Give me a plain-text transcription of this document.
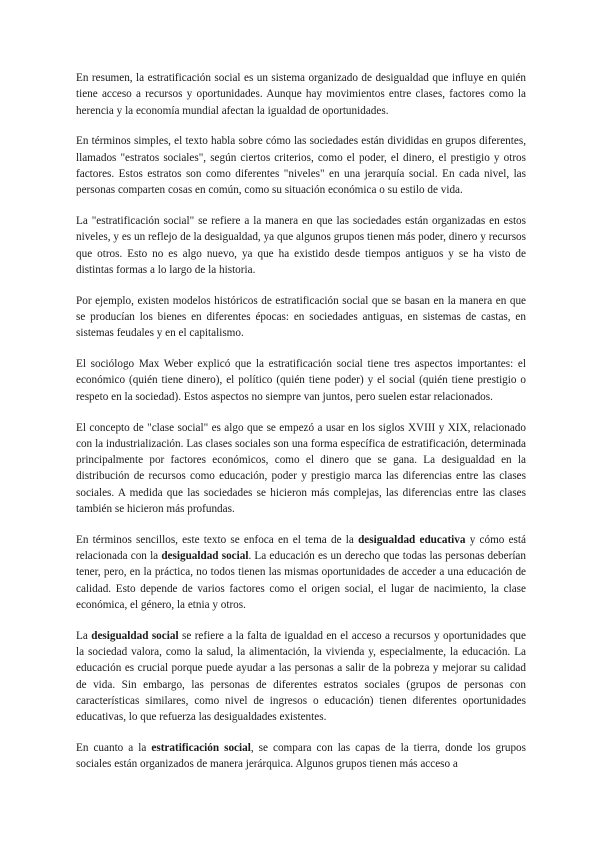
En resumen, la estratificación social es un sistema organizado de desigualdad que influye en quién tiene acceso a recursos y oportunidades. Aunque hay movimientos entre clases, factores como la herencia y la economía mundial afectan la igualdad de oportunidades.

En términos simples, el texto habla sobre cómo las sociedades están divididas en grupos diferentes, llamados "estratos sociales", según ciertos criterios, como el poder, el dinero, el prestigio y otros factores. Estos estratos son como diferentes "niveles" en una jerarquía social. En cada nivel, las personas comparten cosas en común, como su situación económica o su estilo de vida.

La "estratificación social" se refiere a la manera en que las sociedades están organizadas en estos niveles, y es un reflejo de la desigualdad, ya que algunos grupos tienen más poder, dinero y recursos que otros. Esto no es algo nuevo, ya que ha existido desde tiempos antiguos y se ha visto de distintas formas a lo largo de la historia.

Por ejemplo, existen modelos históricos de estratificación social que se basan en la manera en que se producían los bienes en diferentes épocas: en sociedades antiguas, en sistemas de castas, en sistemas feudales y en el capitalismo.

El sociólogo Max Weber explicó que la estratificación social tiene tres aspectos importantes: el económico (quién tiene dinero), el político (quién tiene poder) y el social (quién tiene prestigio o respeto en la sociedad). Estos aspectos no siempre van juntos, pero suelen estar relacionados.

El concepto de "clase social" es algo que se empezó a usar en los siglos XVIII y XIX, relacionado con la industrialización. Las clases sociales son una forma específica de estratificación, determinada principalmente por factores económicos, como el dinero que se gana. La desigualdad en la distribución de recursos como educación, poder y prestigio marca las diferencias entre las clases sociales. A medida que las sociedades se hicieron más complejas, las diferencias entre las clases también se hicieron más profundas.

En términos sencillos, este texto se enfoca en el tema de la desigualdad educativa y cómo está relacionada con la desigualdad social. La educación es un derecho que todas las personas deberían tener, pero, en la práctica, no todos tienen las mismas oportunidades de acceder a una educación de calidad. Esto depende de varios factores como el origen social, el lugar de nacimiento, la clase económica, el género, la etnia y otros.

La desigualdad social se refiere a la falta de igualdad en el acceso a recursos y oportunidades que la sociedad valora, como la salud, la alimentación, la vivienda y, especialmente, la educación. La educación es crucial porque puede ayudar a las personas a salir de la pobreza y mejorar su calidad de vida. Sin embargo, las personas de diferentes estratos sociales (grupos de personas con características similares, como nivel de ingresos o educación) tienen diferentes oportunidades educativas, lo que refuerza las desigualdades existentes.

En cuanto a la estratificación social, se compara con las capas de la tierra, donde los grupos sociales están organizados de manera jerárquica. Algunos grupos tienen más acceso a
